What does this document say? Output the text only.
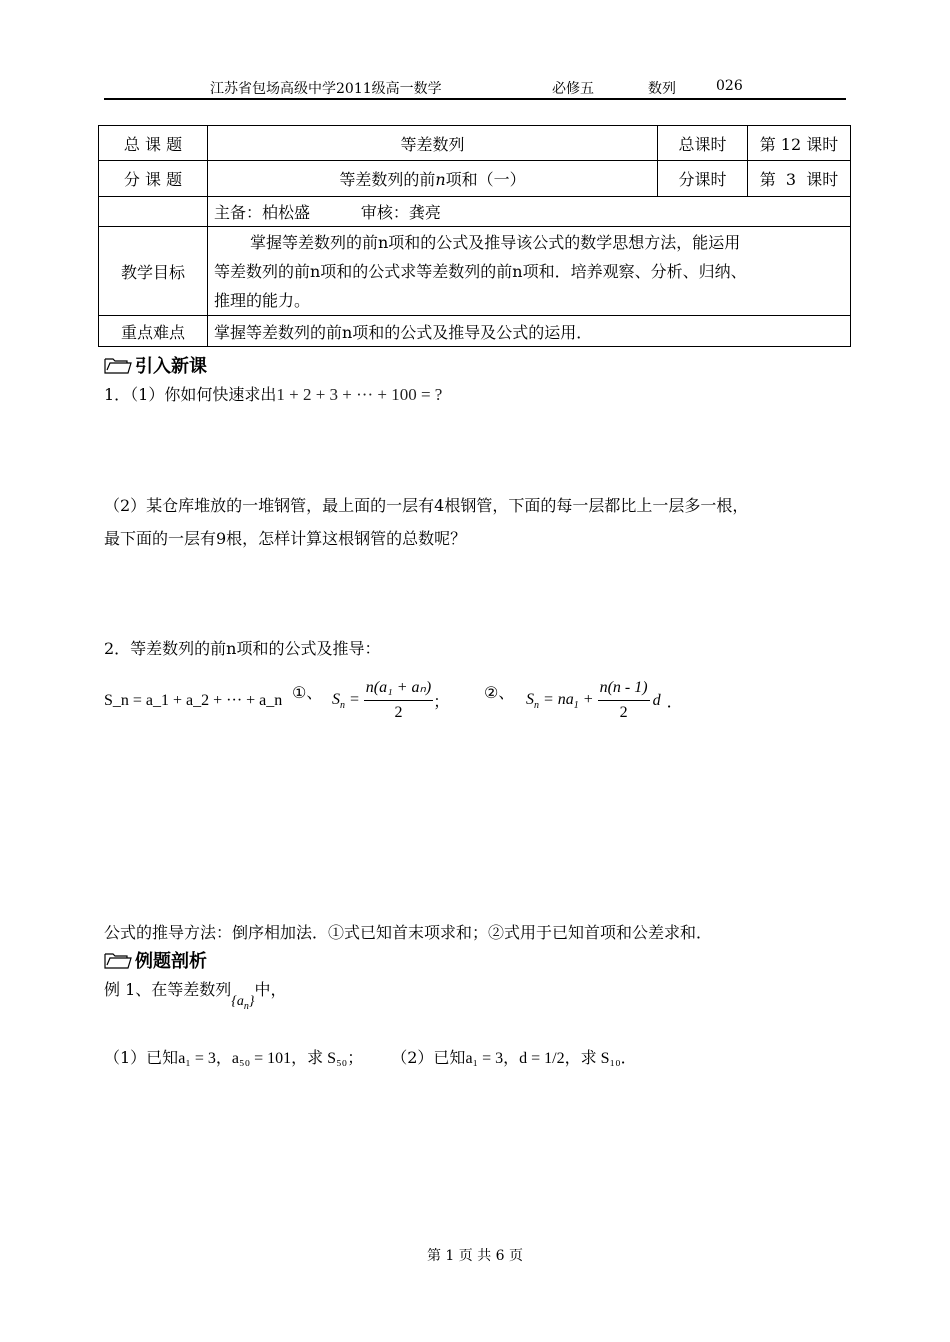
江苏省包场高级中学2011级高一数学	必修五	数列	026
总 课 题	等差数列	总课时	第 12 课时
分 课 题	等差数列的前n项和（一）	分课时	第  3  课时
	主备：柏松盛          审核：龚亮		
教学目标	掌握等差数列的前n项和的公式及推导该公式的数学思想方法，能运用
等差数列的前n项和的公式求等差数列的前n项和．培养观察、分析、归纳、
推理的能力。		

重点难点	掌握等差数列的前n项和的公式及推导及公式的运用．		
引入新课
1．（1）你如何快速求出1 + 2 + 3 + ··· + 100 = ?
（2）某仓库堆放的一堆钢管，最上面的一层有4根钢管，下面的每一层都比上一层多一根，
最下面的一层有9根，怎样计算这根钢管的总数呢？
2．等差数列的前n项和的公式及推导：
S_n = a_1 + a_2 + ··· + a_n ①、 $S_n = \frac{\text{n(a₁ + aₙ)}}{2}$ ；
②、 $S_n = na_1 + \frac{n(n - 1)}{2}$ d ．
公式的推导方法：倒序相加法．①式已知首末项求和；②式用于已知首项和公差求和．
例题剖析
例 1、在等差数列$\{a_n\}$中，
（1）已知 a₁ = 3，a₅₀ = 101，求 S₅₀ ； （2）已知 a₁ = 3，d = 1/2，求 S₁₀ ．
第 1 页 共 6 页
